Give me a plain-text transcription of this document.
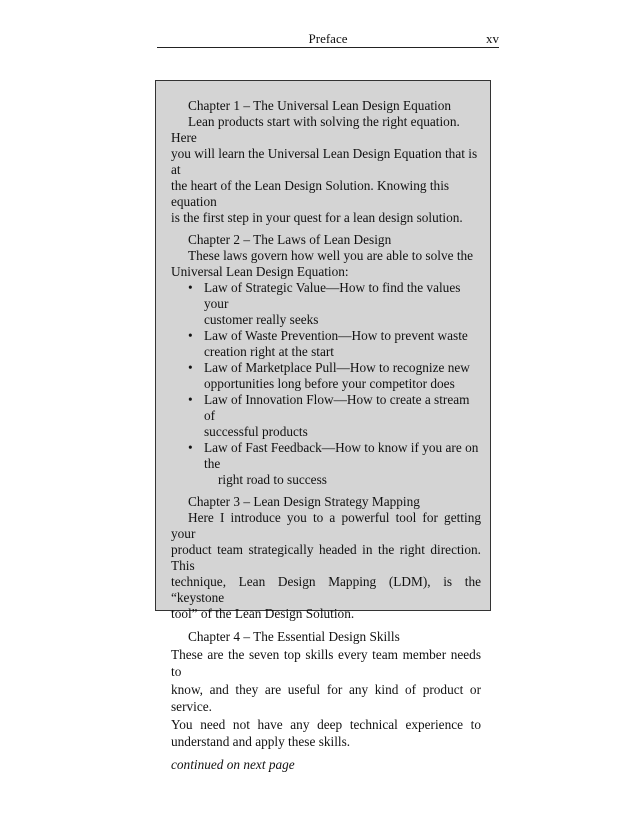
Preface	xv

Chapter 1 – The Universal Lean Design Equation

Lean products start with solving the right equation. Here
you will learn the Universal Lean Design Equation that is at
the heart of the Lean Design Solution. Knowing this equation
is the first step in your quest for a lean design solution.

Chapter 2 – The Laws of Lean Design

These laws govern how well you are able to solve the
Universal Lean Design Equation:
• Law of Strategic Value—How to find the values your
customer really seeks
• Law of Waste Prevention—How to prevent waste
creation right at the start
• Law of Marketplace Pull—How to recognize new
opportunities long before your competitor does
• Law of Innovation Flow—How to create a stream of
successful products
• Law of Fast Feedback—How to know if you are on the
right road to success

Chapter 3 – Lean Design Strategy Mapping

Here I introduce you to a powerful tool for getting your
product team strategically headed in the right direction. This
technique, Lean Design Mapping (LDM), is the “keystone
tool” of the Lean Design Solution.

Chapter 4 – The Essential Design Skills

These are the seven top skills every team member needs to
know, and they are useful for any kind of product or service.
You need not have any deep technical experience to
understand and apply these skills.

continued on next page
